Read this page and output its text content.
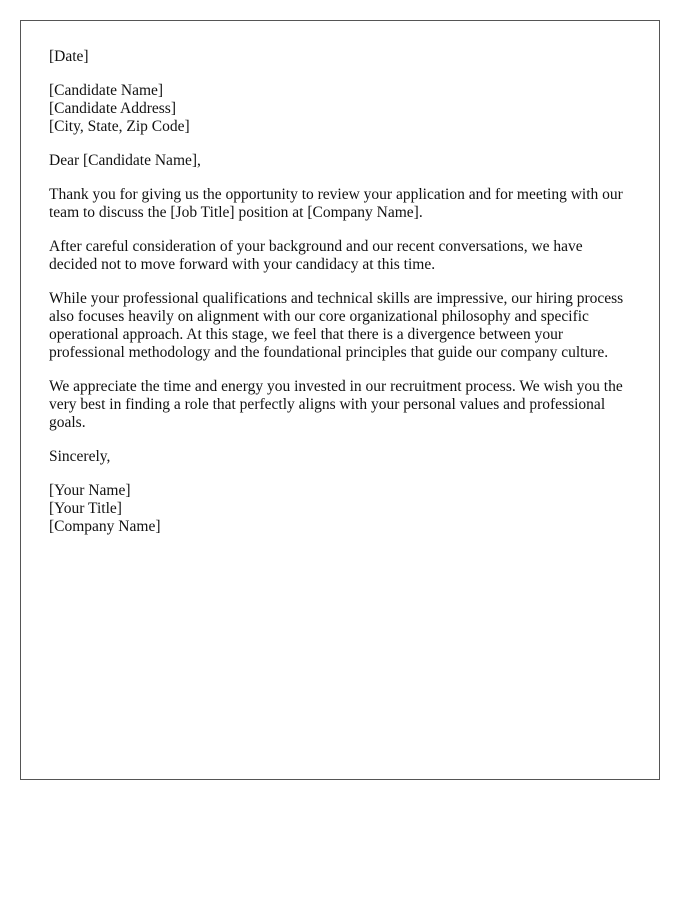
[Date]
[Candidate Name]
[Candidate Address]
[City, State, Zip Code]
Dear [Candidate Name],

Thank you for giving us the opportunity to review your application and for meeting with our team to discuss the [Job Title] position at [Company Name].

After careful consideration of your background and our recent conversations, we have decided not to move forward with your candidacy at this time.

While your professional qualifications and technical skills are impressive, our hiring process also focuses heavily on alignment with our core organizational philosophy and specific operational approach. At this stage, we feel that there is a divergence between your professional methodology and the foundational principles that guide our company culture.

We appreciate the time and energy you invested in our recruitment process. We wish you the very best in finding a role that perfectly aligns with your personal values and professional goals.

Sincerely,
[Your Name]
[Your Title]
[Company Name]
